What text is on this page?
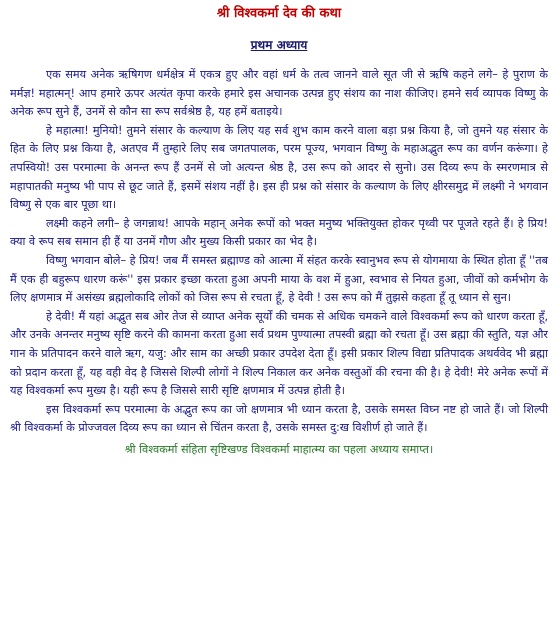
श्री विश्वकर्मा देव की कथा
प्रथम अध्याय

एक समय अनेक ऋषिगण धर्मक्षेत्र में एकत्र हुए और वहां धर्म के तत्व जानने वाले सूत जी से ऋषि कहने लगे– हे पुराण के मर्मज्ञ! महात्मन्! आप हमारे ऊपर अत्यंत कृपा करके हमारे इस अचानक उत्पन्न हुए संशय का नाश कीजिए। हमने सर्व व्यापक विष्णु के अनेक रूप सुने हैं, उनमें से कौन सा रूप सर्वश्रेष्ठ है, यह हमें बताइये।

हे महात्मा! मुनियो! तुमने संसार के कल्याण के लिए यह सर्व शुभ काम करने वाला बड़ा प्रश्न किया है, जो तुमने यह संसार के हित के लिए प्रश्न किया है, अतएव मैं तुम्हारे लिए सब जगतपालक, परम पूज्य, भगवान विष्णु के महाअद्भुत रूप का वर्णन करूंगा। हे तपस्वियो! उस परमात्मा के अनन्त रूप हैं उनमें से जो अत्यन्त श्रेष्ठ है, उस रूप को आदर से सुनो। उस दिव्य रूप के स्मरणमात्र से महापातकी मनुष्य भी पाप से छूट जाते हैं, इसमें संशय नहीं है। इस ही प्रश्न को संसार के कल्याण के लिए क्षीरसमुद्र में लक्ष्मी ने भगवान विष्णु से एक बार पूछा था।

लक्ष्मी कहने लगी– हे जगन्नाथ! आपके महान् अनेक रूपों को भक्त मनुष्य भक्तियुक्त होकर पृथ्वी पर पूजते रहते हैं। हे प्रिय! क्या वे रूप सब समान ही हैं या उनमें गौण और मुख्य किसी प्रकार का भेद है।

विष्णु भगवान बोले– हे प्रिय! जब मैं समस्त ब्रह्माण्ड को आत्मा में संहत करके स्वानुभव रूप से योगमाया के स्थित होता हूँ ''तब मैं एक ही बहुरूप धारण करूं'' इस प्रकार इच्छा करता हुआ अपनी माया के वश में हुआ, स्वभाव से नियत हुआ, जीवों को कर्मभोग के लिए क्षणमात्र में असंख्य ब्रह्मलोकादि लोकों को जिस रूप से रचता हूँ, हे देवी ! उस रूप को मैं तुझसे कहता हूँ तू ध्यान से सुन।

हे देवी! मैं यहां अद्भुत सब ओर तेज से व्याप्त अनेक सूर्यों की चमक से अधिक चमकने वाले विश्वकर्मा रूप को धारण करता हूँ, और उनके अनन्तर मनुष्य सृष्टि करने की कामना करता हुआ सर्व प्रथम पुण्यात्मा तपस्वी ब्रह्मा को रचता हूँ। उस ब्रह्मा की स्तुति, यज्ञ और गान के प्रतिपादन करने वाले ऋग, यजु: और साम का अच्छी प्रकार उपदेश देता हूँ। इसी प्रकार शिल्प विद्या प्रतिपादक अथर्ववेद भी ब्रह्मा को प्रदान करता हूँ, यह वही वेद है जिससे शिल्पी लोगों ने शिल्प निकाल कर अनेक वस्तुओं की रचना की है। हे देवी! मेरे अनेक रूपों में यह विश्वकर्मा रूप मुख्य है। यही रूप है जिससे सारी सृष्टि क्षणमात्र में उत्पन्न होती है।

इस विश्वकर्मा रूप परमात्मा के अद्भुत रूप का जो क्षणमात्र भी ध्यान करता है, उसके समस्त विघ्न नष्ट हो जाते हैं। जो शिल्पी श्री विश्वकर्मा के प्रोज्जवल दिव्य रूप का ध्यान से चिंतन करता है, उसके समस्त दु:ख विशीर्ण हो जाते हैं।

श्री विश्वकर्मा संहिता सृष्टिखण्ड विश्वकर्मा माहात्म्य का पहला अध्याय समाप्त।
